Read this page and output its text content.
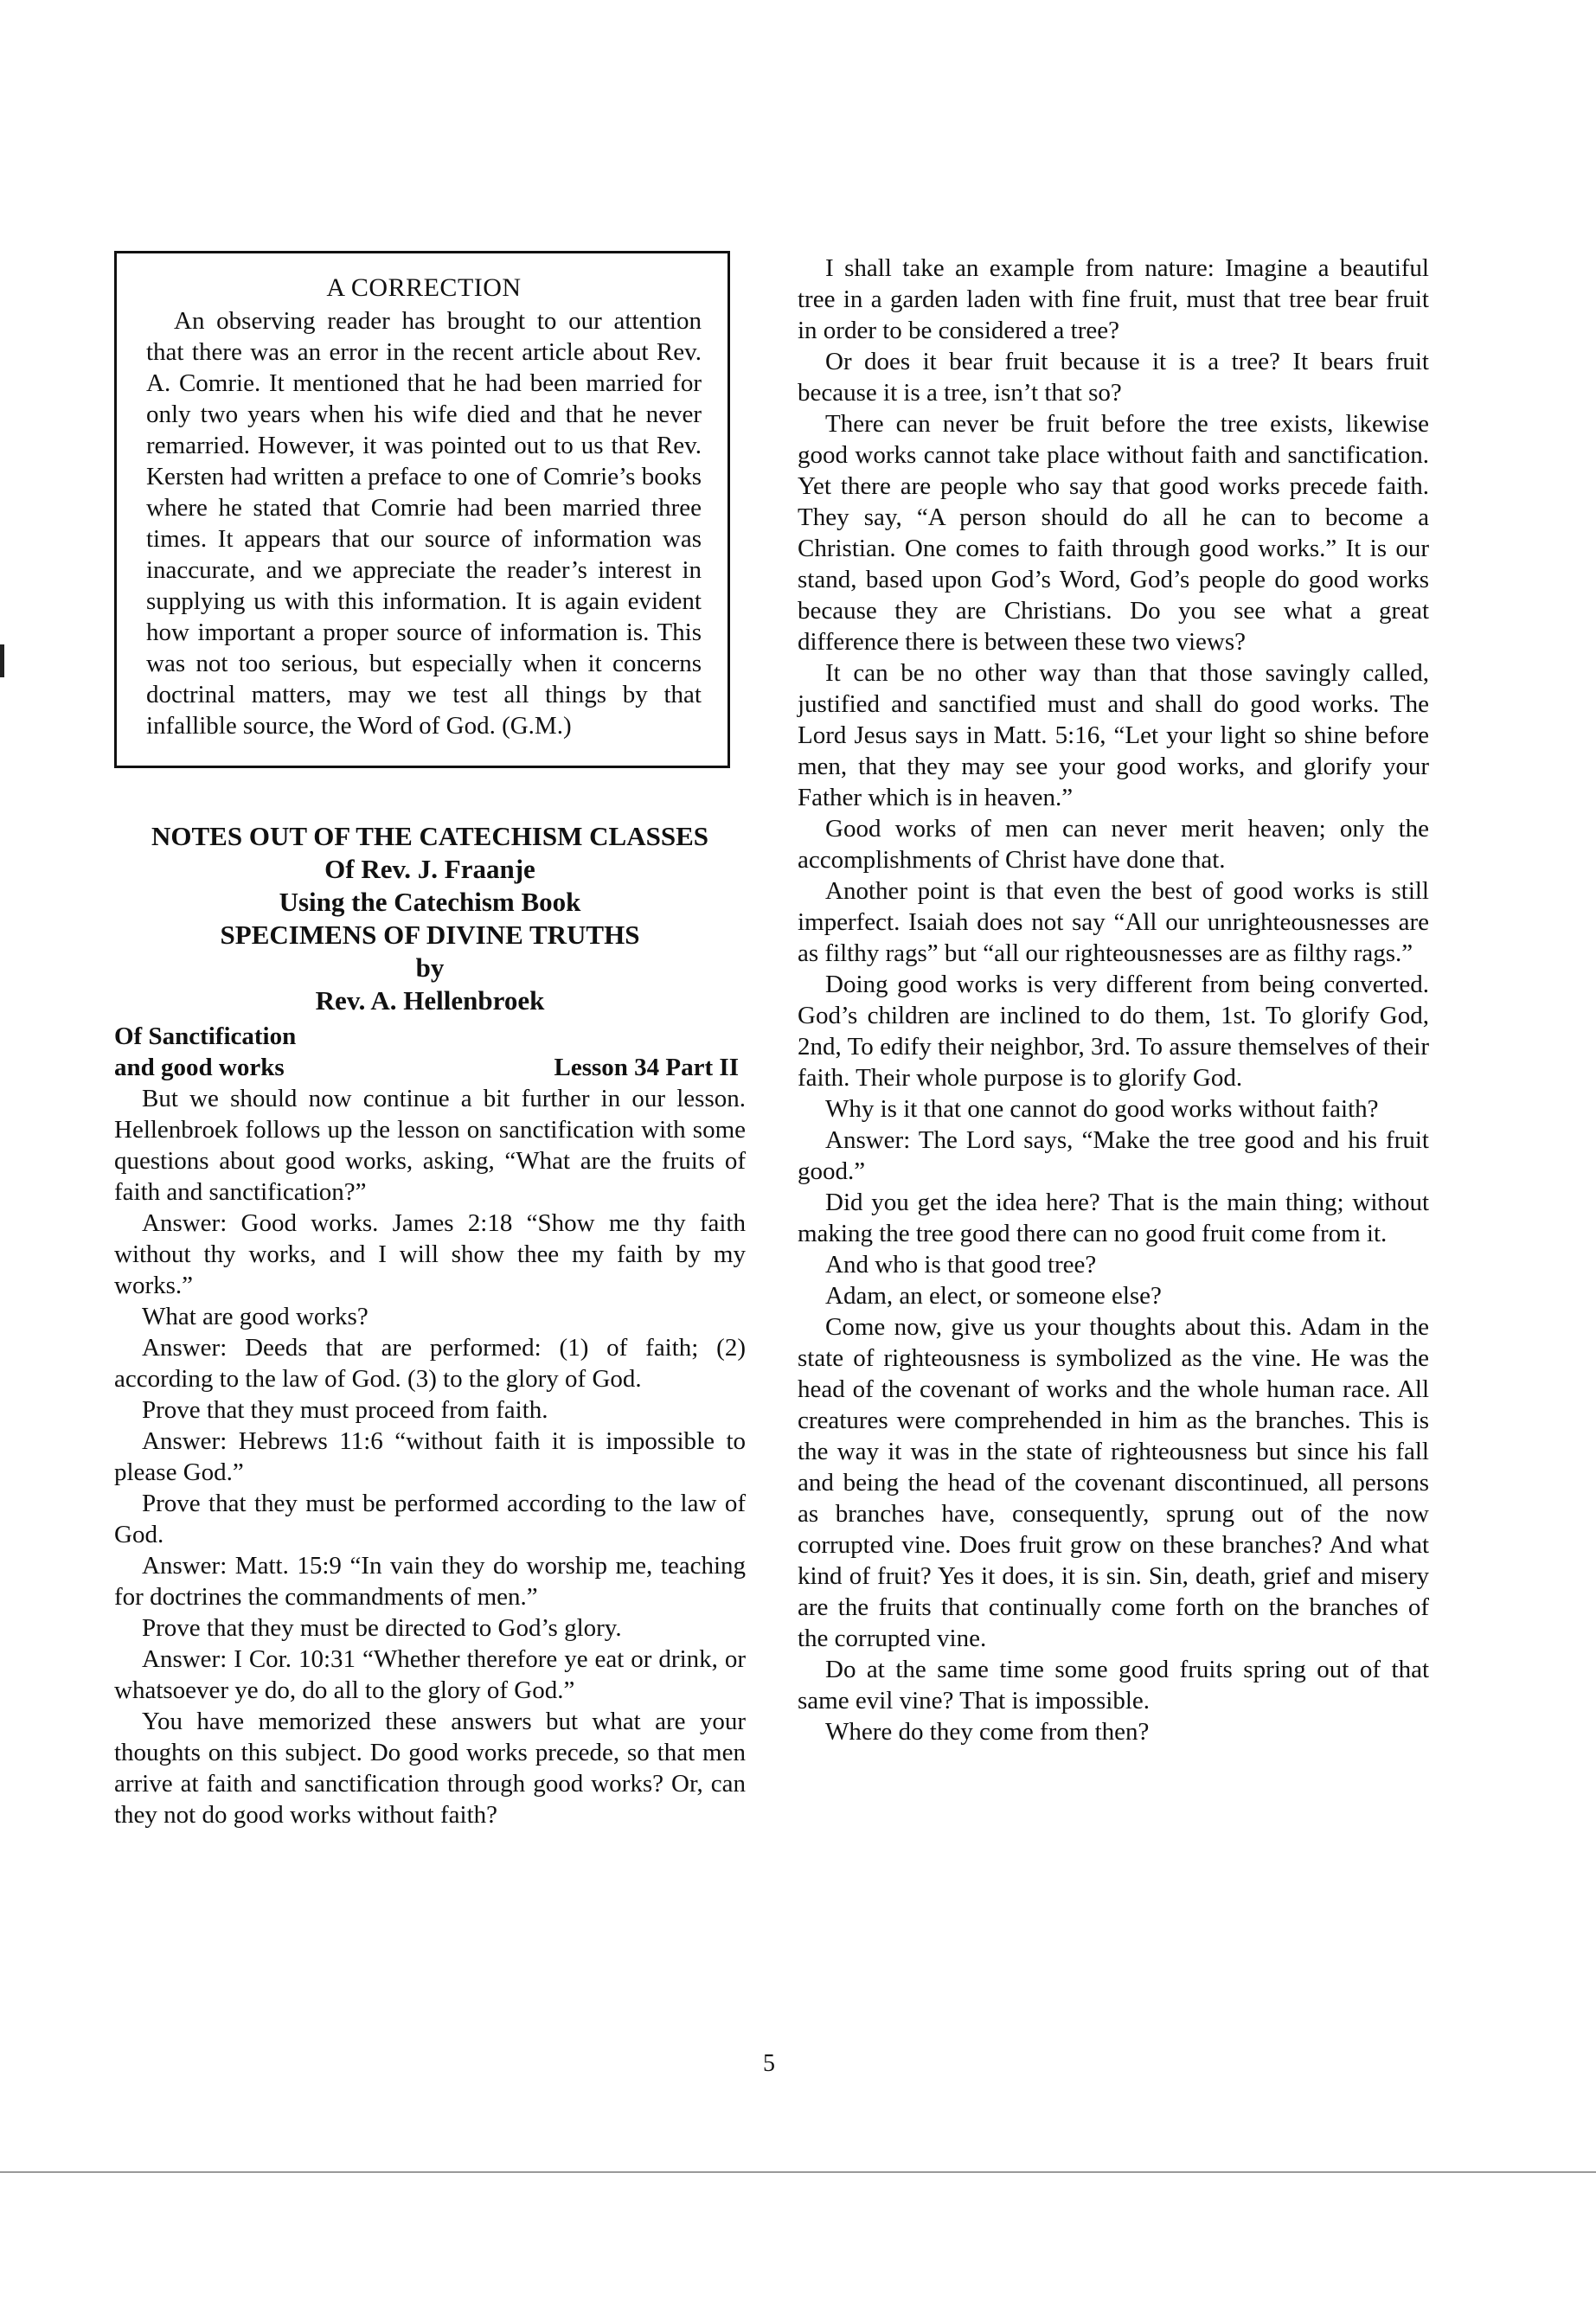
A CORRECTION

An observing reader has brought to our attention that there was an error in the recent article about Rev. A. Comrie. It mentioned that he had been married for only two years when his wife died and that he never remarried. However, it was pointed out to us that Rev. Kersten had written a preface to one of Comrie’s books where he stated that Comrie had been married three times. It appears that our source of information was inaccurate, and we appreciate the reader’s interest in supplying us with this information. It is again evident how important a proper source of information is. This was not too serious, but especially when it concerns doctrinal matters, may we test all things by that infallible source, the Word of God. (G.M.)

NOTES OUT OF THE CATECHISM CLASSES
Of Rev. J. Fraanje
Using the Catechism Book
SPECIMENS OF DIVINE TRUTHS
by
Rev. A. Hellenbroek
Of Sanctification
and good works	Lesson 34 Part II

But we should now continue a bit further in our lesson. Hellenbroek follows up the lesson on sanctification with some questions about good works, asking, “What are the fruits of faith and sanctification?”

Answer: Good works. James 2:18 “Show me thy faith without thy works, and I will show thee my faith by my works.”

What are good works?

Answer: Deeds that are performed: (1) of faith; (2) according to the law of God. (3) to the glory of God.

Prove that they must proceed from faith.

Answer: Hebrews 11:6 “without faith it is impossible to please God.”

Prove that they must be performed according to the law of God.

Answer: Matt. 15:9 “In vain they do worship me, teaching for doctrines the commandments of men.”

Prove that they must be directed to God’s glory.

Answer: I Cor. 10:31 “Whether therefore ye eat or drink, or whatsoever ye do, do all to the glory of God.”

You have memorized these answers but what are your thoughts on this subject. Do good works precede, so that men arrive at faith and sanctification through good works? Or, can they not do good works without faith?

I shall take an example from nature: Imagine a beautiful tree in a garden laden with fine fruit, must that tree bear fruit in order to be considered a tree?

Or does it bear fruit because it is a tree? It bears fruit because it is a tree, isn’t that so?

There can never be fruit before the tree exists, likewise good works cannot take place without faith and sanctification. Yet there are people who say that good works precede faith. They say, “A person should do all he can to become a Christian. One comes to faith through good works.” It is our stand, based upon God’s Word, God’s people do good works because they are Christians. Do you see what a great difference there is between these two views?

It can be no other way than that those savingly called, justified and sanctified must and shall do good works. The Lord Jesus says in Matt. 5:16, “Let your light so shine before men, that they may see your good works, and glorify your Father which is in heaven.”

Good works of men can never merit heaven; only the accomplishments of Christ have done that.

Another point is that even the best of good works is still imperfect. Isaiah does not say “All our unrighteousnesses are as filthy rags” but “all our righteousnesses are as filthy rags.”

Doing good works is very different from being converted. God’s children are inclined to do them, 1st. To glorify God, 2nd, To edify their neighbor, 3rd. To assure themselves of their faith. Their whole purpose is to glorify God.

Why is it that one cannot do good works without faith?

Answer: The Lord says, “Make the tree good and his fruit good.”

Did you get the idea here? That is the main thing; without making the tree good there can no good fruit come from it.

And who is that good tree?

Adam, an elect, or someone else?

Come now, give us your thoughts about this. Adam in the state of righteousness is symbolized as the vine. He was the head of the covenant of works and the whole human race. All creatures were comprehended in him as the branches. This is the way it was in the state of righteousness but since his fall and being the head of the covenant discontinued, all persons as branches have, consequently, sprung out of the now corrupted vine. Does fruit grow on these branches? And what kind of fruit? Yes it does, it is sin. Sin, death, grief and misery are the fruits that continually come forth on the branches of the corrupted vine.

Do at the same time some good fruits spring out of that same evil vine? That is impossible.

Where do they come from then?

5
